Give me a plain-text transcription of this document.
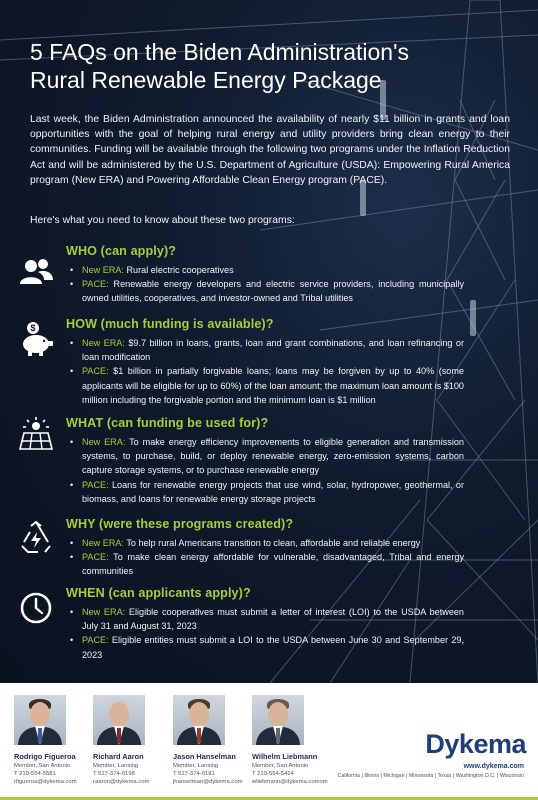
5 FAQs on the Biden Administration's
Rural Renewable Energy Package

Last week, the Biden Administration announced the availability of nearly $11 billion in grants and loan opportunities with the goal of helping rural energy and utility providers bring clean energy to their communities. Funding will be available through the following two programs under the Inflation Reduction Act and will be administered by the U.S. Department of Agriculture (USDA): Empowering Rural America program (New ERA) and Powering Affordable Clean Energy program (PACE).

Here's what you need to know about these two programs:

WHO (can apply)?
• New ERA: Rural electric cooperatives
• PACE: Renewable energy developers and electric service providers, including municipally owned utilities, cooperatives, and investor-owned and Tribal utilities
$ HOW (much funding is available)?
• New ERA: $9.7 billion in loans, grants, loan and grant combinations, and loan refinancing or loan modification
• PACE: $1 billion in partially forgivable loans; loans may be forgiven by up to 40% (some applicants will be eligible for up to 60%) of the loan amount; the maximum loan amount is $100 million including the forgivable portion and the minimum loan is $1 million
WHAT (can funding be used for)?
• New ERA: To make energy efficiency improvements to eligible generation and transmission systems, to purchase, build, or deploy renewable energy, zero-emission systems, carbon capture storage systems, or to purchase renewable energy
• PACE: Loans for renewable energy projects that use wind, solar, hydropower, geothermal, or biomass, and loans for renewable energy storage projects
WHY (were these programs created)?
• New ERA: To help rural Americans transition to clean, affordable and reliable energy
• PACE: To make clean energy affordable for vulnerable, disadvantaged, Tribal and energy communities
WHEN (can applicants apply)?
• New ERA: Eligible cooperatives must submit a letter of interest (LOI) to the USDA between July 31 and August 31, 2023
• PACE: Eligible entities must submit a LOI to the USDA between June 30 and September 29, 2023
Rodrigo Figueroa
Member, San Antonio
T 210-554-5581
rfigueroa@dykema.com
Richard Aaron
Member, Lansing
T 517-374-9198
raaron@dykema.com
Jason Hanselman
Member, Lansing
T 517-374-9181
jhanselman@dykema.com
Wilhelm Liebmann
Member, San Antonio
T 210-554-5414
wliebmann@dykema.comom
Dykema
www.dykema.com
California | Illinois | Michigan | Minnesota | Texas | Washington D.C. | Wisconsin
